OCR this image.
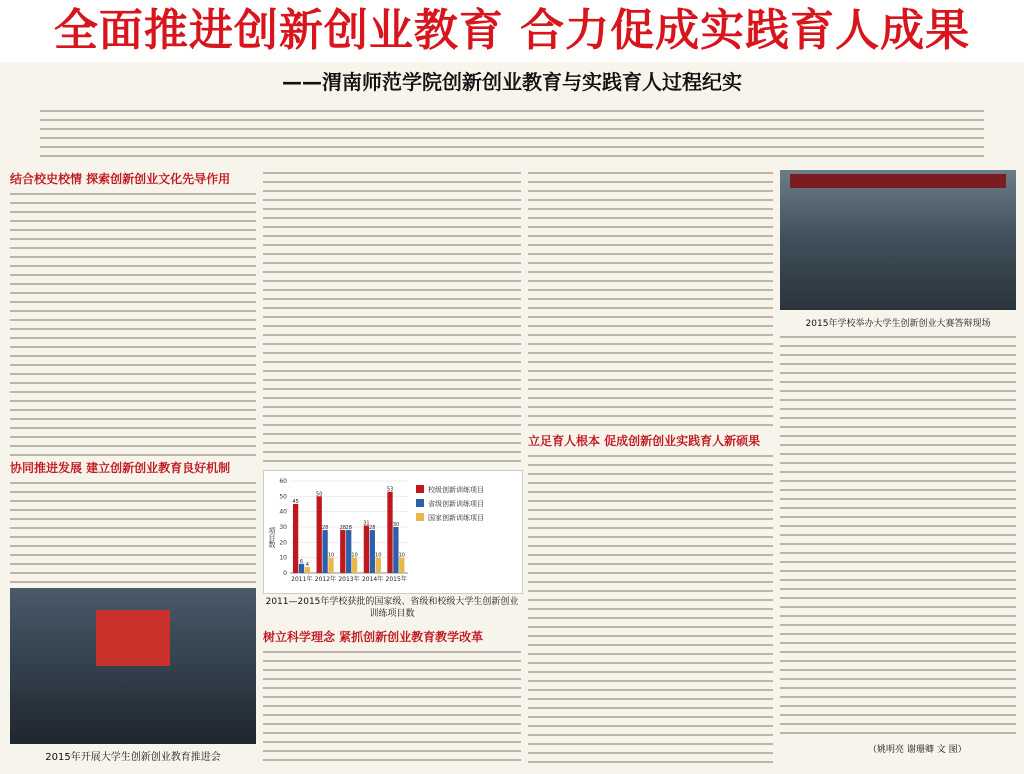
全面推进创新创业教育 合力促成实践育人成果
——渭南师范学院创新创业教育与实践育人过程纪实
结合校史校情 探索创新创业文化先导作用
协同推进发展 建立创新创业教育良好机制
2015年开展大学生创新创业教育推进会
项目数
0
10
20
30
40
50
60
45
6
4
2011年
50
28
10
2012年
28 28
10
2013年
31
28
10
2014年
53
30
10
2015年
校级创新训练项目
省级创新训练项目
国家创新训练项目
2011—2015年学校获批的国家级、省级和校级大学生创新创业训练项目数
树立科学理念 紧抓创新创业教育教学改革
立足育人根本 促成创新创业实践育人新硕果
2015年学校举办大学生创新创业大赛答辩现场
（姚明亮 谢珊卿 文 图）
